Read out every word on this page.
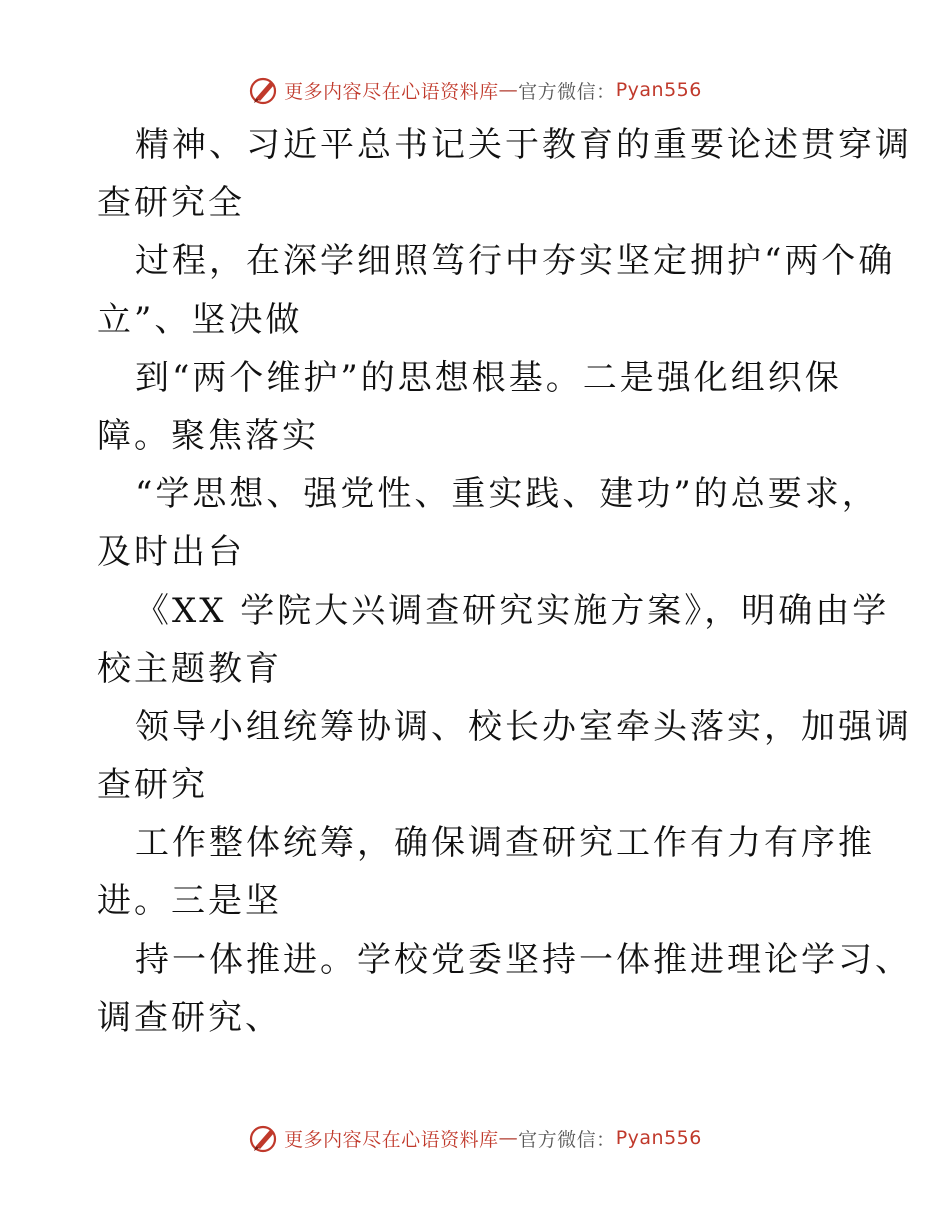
更多内容尽在心语资料库 — 官方微信： Pyan556
精神、习近平总书记关于教育的重要论述贯穿调
查研究全
过程，在深学细照笃行中夯实坚定拥护“两个确
立”、坚决做
到“两个维护”的思想根基。二是强化组织保
障。聚焦落实
“学思想、强党性、重实践、建功”的总要求，
及时出台
《XX 学院大兴调查研究实施方案》，明确由学
校主题教育
领导小组统筹协调、校长办室牵头落实，加强调
查研究
工作整体统筹，确保调查研究工作有力有序推
进。三是坚
持一体推进。学校党委坚持一体推进理论学习、
调查研究、
更多内容尽在心语资料库 — 官方微信： Pyan556
